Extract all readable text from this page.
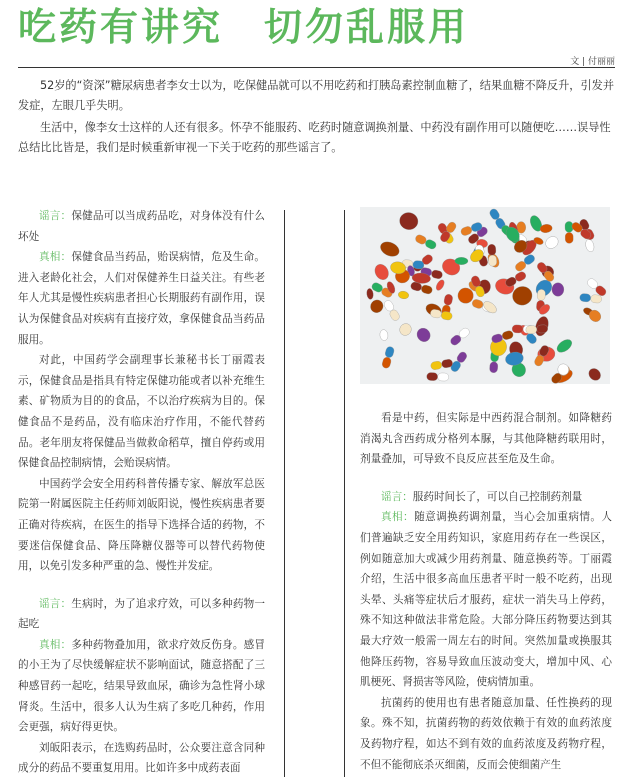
吃药有讲究　切勿乱服用
文 | 付丽丽

52岁的“资深”糖尿病患者李女士以为，吃保健品就可以不用吃药和打胰岛素控制血糖了，结果血糖不降反升，引发并发症，左眼几乎失明。

生活中，像李女士这样的人还有很多。怀孕不能服药、吃药时随意调换剂量、中药没有副作用可以随便吃……误导性总结比比皆是，我们是时候重新审视一下关于吃药的那些谣言了。

谣言：保健品可以当成药品吃，对身体没有什么坏处

真相：保健食品当药品，贻误病情，危及生命。进入老龄化社会，人们对保健养生日益关注。有些老年人尤其是慢性疾病患者担心长期服药有副作用，误认为保健食品对疾病有直接疗效，拿保健食品当药品服用。

对此，中国药学会副理事长兼秘书长丁丽霞表示，保健食品是指具有特定保健功能或者以补充维生素、矿物质为目的的食品，不以治疗疾病为目的。保健食品不是药品，没有临床治疗作用，不能代替药品。老年朋友将保健品当做救命稻草，擅自停药或用保健食品控制病情，会贻误病情。

中国药学会安全用药科普传播专家、解放军总医院第一附属医院主任药师刘皈阳说，慢性疾病患者要正确对待疾病，在医生的指导下选择合适的药物，不要迷信保健食品、降压降糖仪器等可以替代药物使用，以免引发多种严重的急、慢性并发症。

谣言：生病时，为了追求疗效，可以多种药物一起吃

真相：多种药物叠加用，欲求疗效反伤身。感冒的小王为了尽快缓解症状不影响面试，随意搭配了三种感冒药一起吃，结果导致血尿，确诊为急性肾小球肾炎。生活中，很多人认为生病了多吃几种药，作用会更强，病好得更快。

刘皈阳表示，在选购药品时，公众要注意含同种成分的药品不要重复用用。比如许多中成药表面

看是中药，但实际是中西药混合制剂。如降糖药消渴丸含西药成分格列本脲，与其他降糖药联用时，剂量叠加，可导致不良反应甚至危及生命。

谣言：服药时间长了，可以自己控制药剂量

真相：随意调换药调剂量，当心会加重病情。人们普遍缺乏安全用药知识，家庭用药存在一些误区，例如随意加大或减少用药剂量、随意换药等。丁丽霞介绍，生活中很多高血压患者平时一般不吃药，出现头晕、头痛等症状后才服药，症状一消失马上停药，殊不知这种做法非常危险。大部分降压药物要达到其最大疗效一般需一周左右的时间。突然加量或换服其他降压药物，容易导致血压波动变大，增加中风、心肌梗死、肾损害等风险，使病情加重。

抗菌药的使用也有患者随意加量、任性换药的现象。殊不知，抗菌药物的药效依赖于有效的血药浓度及药物疗程，如达不到有效的血药浓度及药物疗程，不但不能彻底杀灭细菌，反而会使细菌产生
